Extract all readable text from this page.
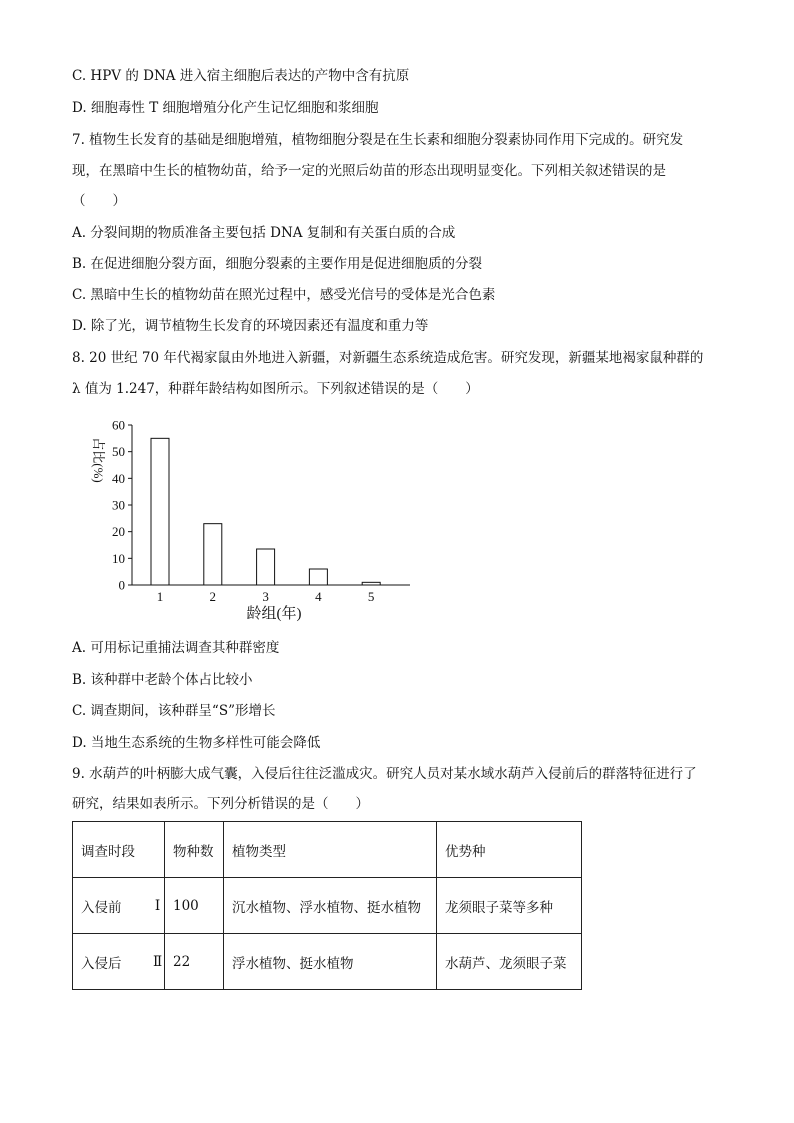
C. HPV 的 DNA 进入宿主细胞后表达的产物中含有抗原
D. 细胞毒性 T 细胞增殖分化产生记忆细胞和浆细胞
7. 植物生长发育的基础是细胞增殖，植物细胞分裂是在生长素和细胞分裂素协同作用下完成的。研究发
现，在黑暗中生长的植物幼苗，给予一定的光照后幼苗的形态出现明显变化。下列相关叙述错误的是
（　　）
A. 分裂间期的物质准备主要包括 DNA 复制和有关蛋白质的合成
B. 在促进细胞分裂方面，细胞分裂素的主要作用是促进细胞质的分裂
C. 黑暗中生长的植物幼苗在照光过程中，感受光信号的受体是光合色素
D. 除了光，调节植物生长发育的环境因素还有温度和重力等
8. 20 世纪 70 年代褐家鼠由外地进入新疆，对新疆生态系统造成危害。研究发现，新疆某地褐家鼠种群的
λ 值为 1.247，种群年龄结构如图所示。下列叙述错误的是（　　）
A. 可用标记重捕法调查其种群密度
B. 该种群中老龄个体占比较小
C. 调查期间，该种群呈“S”形增长
D. 当地生态系统的生物多样性可能会降低
9. 水葫芦的叶柄膨大成气囊，入侵后往往泛滥成灾。研究人员对某水域水葫芦入侵前后的群落特征进行了
研究，结果如表所示。下列分析错误的是（　　）
0
10
20
30
40
50
60
1	2	3	4	5
占比(%)
龄组(年)
调查时段		物种数	植物类型	优势种
入侵前	I	100	沉水植物、浮水植物、挺水植物	龙须眼子菜等多种
入侵后	Ⅱ	22	浮水植物、挺水植物	水葫芦、龙须眼子菜
